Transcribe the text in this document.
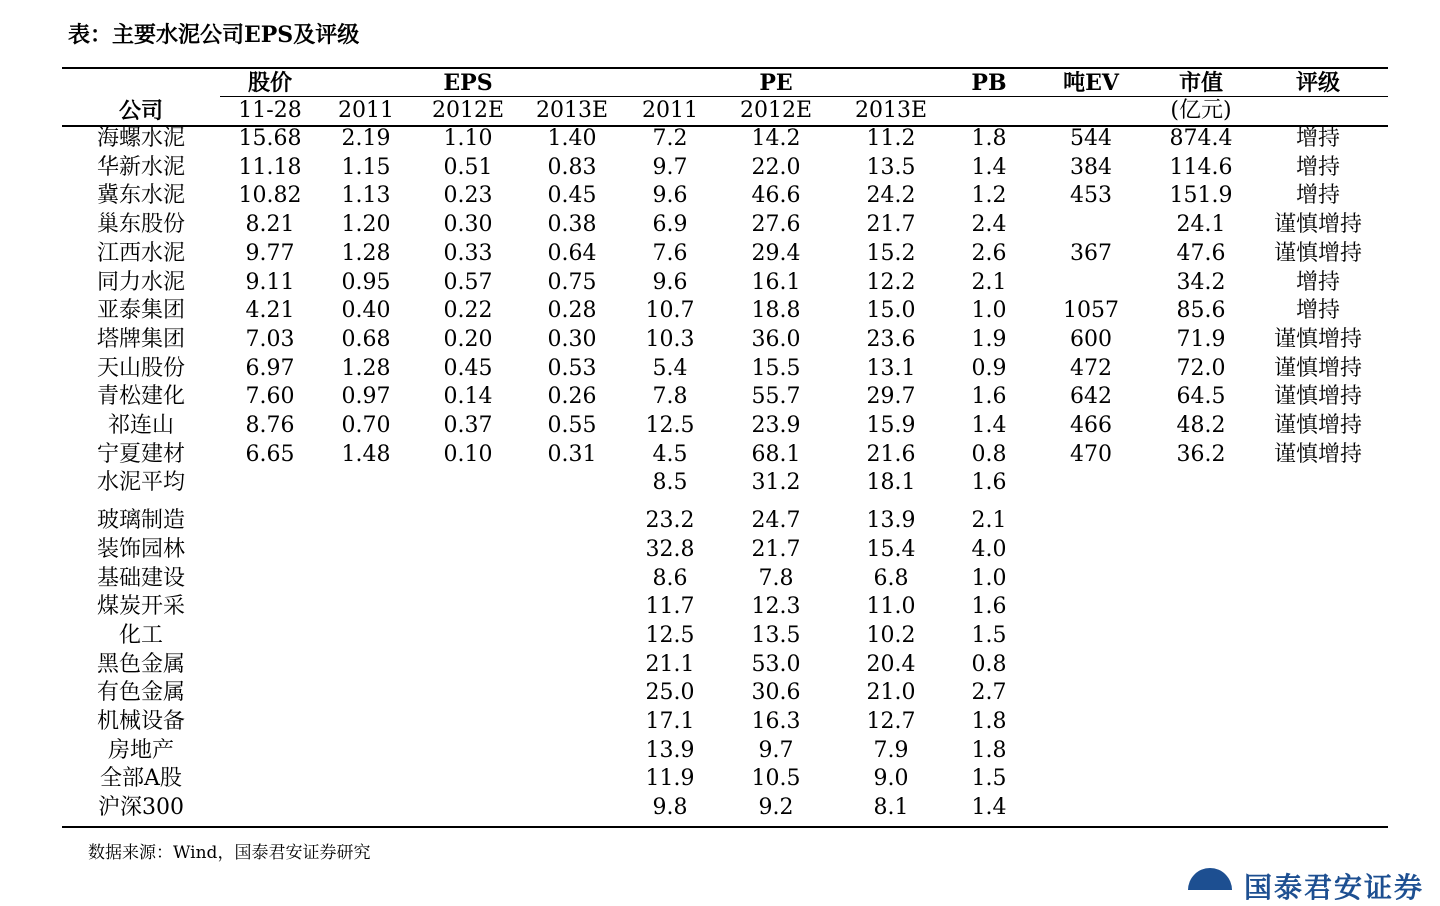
表：主要水泥公司EPS及评级
	股价		EPS			PE		PB	吨EV	市值	评级
公司	11-28	2011	2012E	2013E	2011	2012E	2013E			(亿元)	
海螺水泥	15.68	2.19	1.10	1.40	7.2	14.2	11.2	1.8	544	874.4	增持
华新水泥	11.18	1.15	0.51	0.83	9.7	22.0	13.5	1.4	384	114.6	增持
冀东水泥	10.82	1.13	0.23	0.45	9.6	46.6	24.2	1.2	453	151.9	增持
巢东股份	8.21	1.20	0.30	0.38	6.9	27.6	21.7	2.4		24.1	谨慎增持
江西水泥	9.77	1.28	0.33	0.64	7.6	29.4	15.2	2.6	367	47.6	谨慎增持
同力水泥	9.11	0.95	0.57	0.75	9.6	16.1	12.2	2.1		34.2	增持
亚泰集团	4.21	0.40	0.22	0.28	10.7	18.8	15.0	1.0	1057	85.6	增持
塔牌集团	7.03	0.68	0.20	0.30	10.3	36.0	23.6	1.9	600	71.9	谨慎增持
天山股份	6.97	1.28	0.45	0.53	5.4	15.5	13.1	0.9	472	72.0	谨慎增持
青松建化	7.60	0.97	0.14	0.26	7.8	55.7	29.7	1.6	642	64.5	谨慎增持
祁连山	8.76	0.70	0.37	0.55	12.5	23.9	15.9	1.4	466	48.2	谨慎增持
宁夏建材	6.65	1.48	0.10	0.31	4.5	68.1	21.6	0.8	470	36.2	谨慎增持
水泥平均					8.5	31.2	18.1	1.6			

玻璃制造					23.2	24.7	13.9	2.1			
装饰园林					32.8	21.7	15.4	4.0			
基础建设					8.6	7.8	6.8	1.0			
煤炭开采					11.7	12.3	11.0	1.6			
化工					12.5	13.5	10.2	1.5			
黑色金属					21.1	53.0	20.4	0.8			
有色金属					25.0	30.6	21.0	2.7			
机械设备					17.1	16.3	12.7	1.8			
房地产					13.9	9.7	7.9	1.8			
全部A股					11.9	10.5	9.0	1.5			
沪深300					9.8	9.2	8.1	1.4			
数据来源：Wind，国泰君安证券研究
国泰君安证券
